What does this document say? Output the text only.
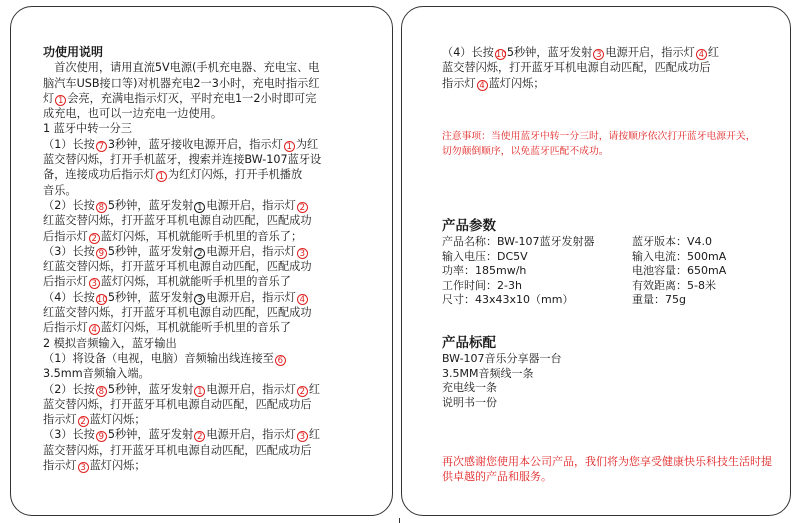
功使用说明
　首次使用，请用直流5V电源(手机充电器、充电宝、电
脑汽车USB接口等)对机器充电2一3小时，充电时指示红
灯 1 会亮，充满电指示灯灭，平时充电1一2小时即可完
成充电，也可以一边充电一边使用。
1 蓝牙中转一分三
（1）长按 7 3秒钟，蓝牙接收电源开启，指示灯 1 为红
蓝交替闪烁，打开手机蓝牙，搜索并连接BW-107蓝牙设
备，连接成功后指示灯 1 为红灯闪烁，打开手机播放
音乐。
（2）长按 8 5秒钟，蓝牙发射 1 电源开启，指示灯 2
红蓝交替闪烁，打开蓝牙耳机电源自动匹配，匹配成功
后指示灯 2 蓝灯闪烁，耳机就能听手机里的音乐了；
（3）长按 9 5秒钟，蓝牙发射 2 电源开启，指示灯 3
红蓝交替闪烁，打开蓝牙耳机电源自动匹配，匹配成功
后指示灯 3 蓝灯闪烁，耳机就能听手机里的音乐了
（4）长按 105秒钟，蓝牙发射 3 电源开启，指示灯 4
红蓝交替闪烁，打开蓝牙耳机电源自动匹配，匹配成功
后指示灯 4 蓝灯闪烁，耳机就能听手机里的音乐了
2 模拟音频输入，蓝牙输出
（1）将设备（电视，电脑）音频输出线连接至 6
3.5mm音频输入端。
（2）长按 8 5秒钟，蓝牙发射 1 电源开启，指示灯 2 红
蓝交替闪烁，打开蓝牙耳机电源自动匹配，匹配成功后
指示灯 2 蓝灯闪烁；
（3）长按 9 5秒钟，蓝牙发射 2 电源开启，指示灯 3 红
蓝交替闪烁，打开蓝牙耳机电源自动匹配，匹配成功后
指示灯 3 蓝灯闪烁；
（4）长按 105秒钟，蓝牙发射 3 电源开启，指示灯 4 红
蓝交替闪烁，打开蓝牙耳机电源自动匹配，匹配成功后
指示灯 4 蓝灯闪烁；
注意事项：当使用蓝牙中转一分三时，请按顺序依次打开蓝牙电源开关，切勿颠倒顺序，以免蓝牙匹配不成功。
产品参数
产品名称：BW-107蓝牙发射器	蓝牙版本：V4.0
输入电压：DC5V	输入电流：500mA
功率：185mw/h	电池容量：650mA
工作时间：2-3h	有效距离：5-8米
尺寸：43x43x10（mm）	重量：75g
产品标配
BW-107音乐分享器一台
3.5MM音频线一条
充电线一条
说明书一份
再次感谢您使用本公司产品，我们将为您享受健康快乐科技生活时提供卓越的产品和服务。
